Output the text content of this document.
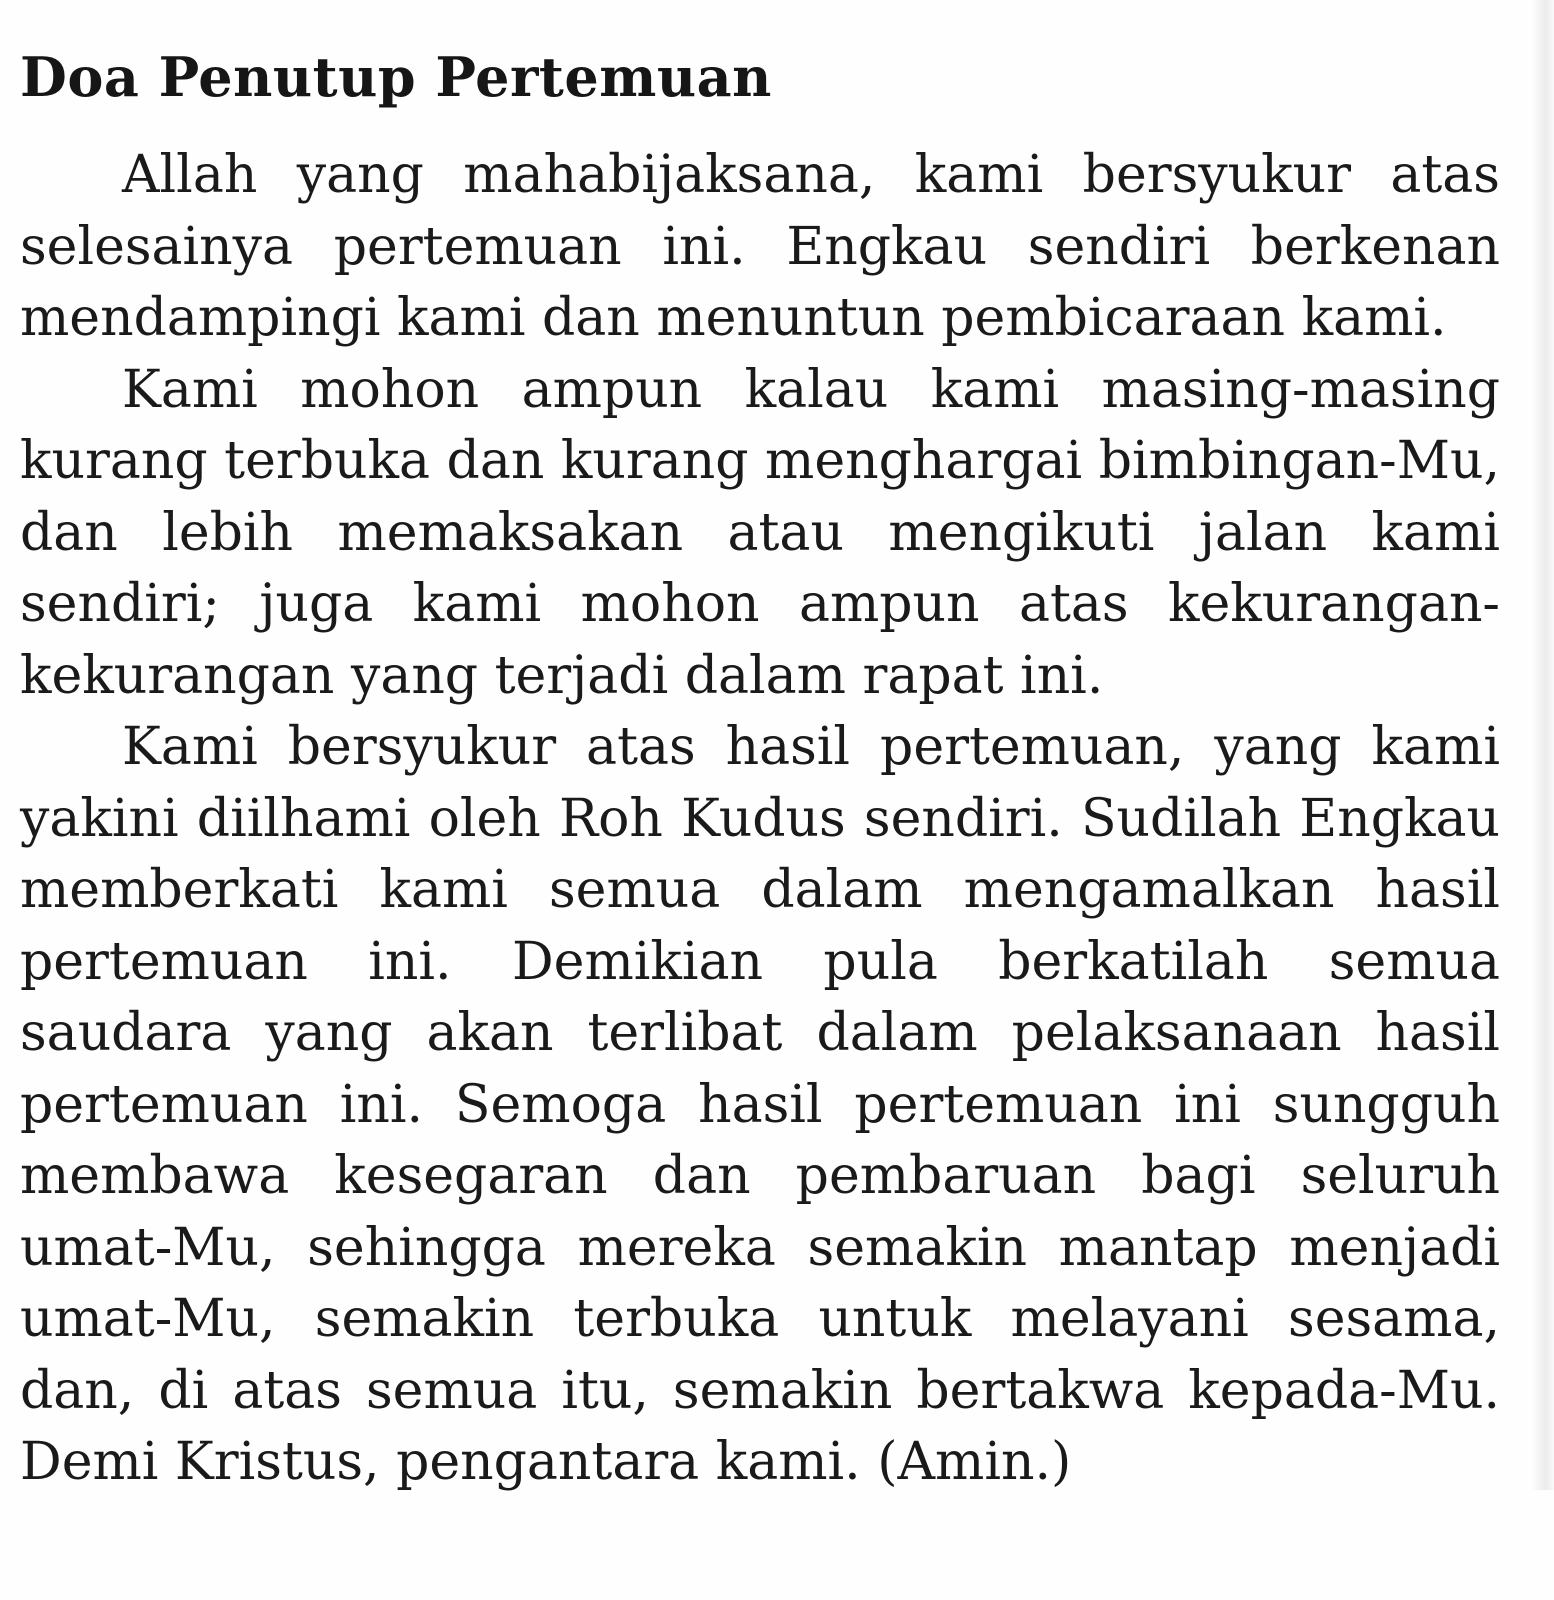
Doa Penutup Pertemuan

Allah yang mahabijaksana, kami bersyukur atas selesainya pertemuan ini. Engkau sendiri berkenan mendampingi kami dan menuntun pembicaraan kami.

Kami mohon ampun kalau kami masing-masing kurang terbuka dan kurang menghargai bimbingan-Mu, dan lebih memaksakan atau mengikuti jalan kami sendiri; juga kami mohon ampun atas kekurangan-kekurangan yang terjadi dalam rapat ini.

Kami bersyukur atas hasil pertemuan, yang kami yakini diilhami oleh Roh Kudus sendiri. Sudilah Engkau memberkati kami semua dalam mengamalkan hasil pertemuan ini. Demikian pula berkatilah semua saudara yang akan terlibat dalam pelaksanaan hasil pertemuan ini. Semoga hasil pertemuan ini sungguh membawa kesegaran dan pembaruan bagi seluruh umat-Mu, sehingga mereka semakin mantap menjadi umat-Mu, semakin terbuka untuk melayani sesama, dan, di atas semua itu, semakin bertakwa kepada-Mu. Demi Kristus, pengantara kami. (Amin.)
